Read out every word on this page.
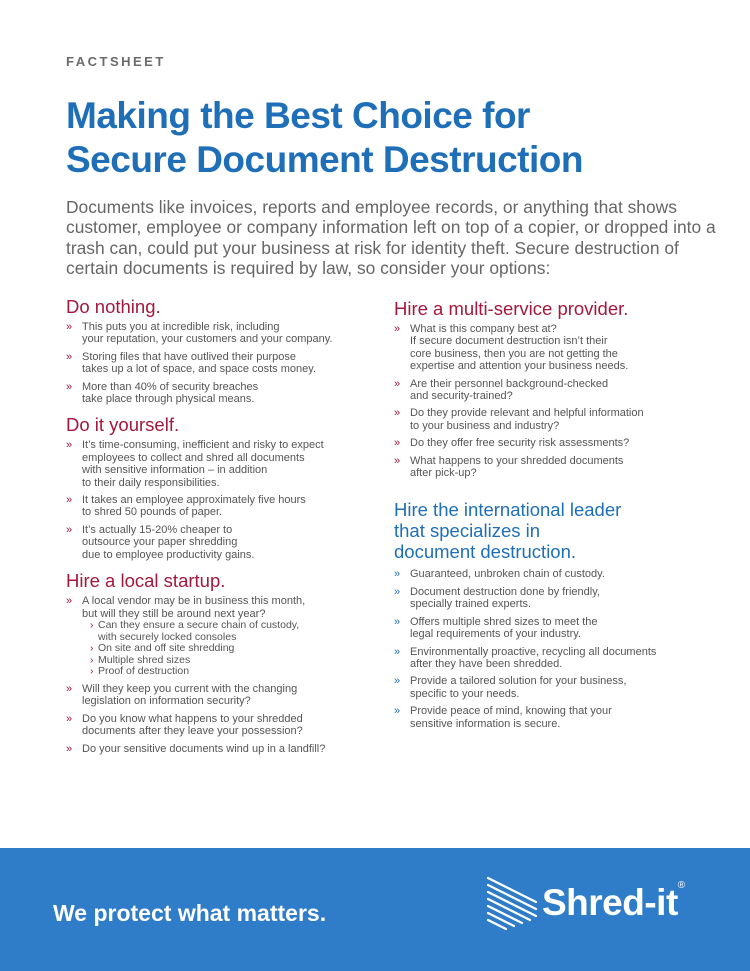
FACTSHEET
Making the Best Choice for
Secure Document Destruction

Documents like invoices, reports and employee records, or anything that shows customer, employee or company information left on top of a copier, or dropped into a trash can, could put your business at risk for identity theft. Secure destruction of certain documents is required by law, so consider your options:

Do nothing.
» This puts you at incredible risk, including
your reputation, your customers and your company.
» Storing files that have outlived their purpose
takes up a lot of space, and space costs money.
» More than 40% of security breaches
take place through physical means.
Do it yourself.
» It’s time-consuming, inefficient and risky to expect
employees to collect and shred all documents
with sensitive information – in addition
to their daily responsibilities.
» It takes an employee approximately five hours
to shred 50 pounds of paper.
» It’s actually 15-20% cheaper to
outsource your paper shredding
due to employee productivity gains.
Hire a local startup.
» A local vendor may be in business this month,
but will they still be around next year?
› Can they ensure a secure chain of custody,
with securely locked consoles
› On site and off site shredding
› Multiple shred sizes
› Proof of destruction
» Will they keep you current with the changing
legislation on information security?
» Do you know what happens to your shredded
documents after they leave your possession?
» Do your sensitive documents wind up in a landfill?
Hire a multi-service provider.
» What is this company best at?
If secure document destruction isn’t their
core business, then you are not getting the
expertise and attention your business needs.
» Are their personnel background-checked
and security-trained?
» Do they provide relevant and helpful information
to your business and industry?
» Do they offer free security risk assessments?
» What happens to your shredded documents
after pick-up?
Hire the international leader
that specializes in
document destruction.
» Guaranteed, unbroken chain of custody.
» Document destruction done by friendly,
specially trained experts.
» Offers multiple shred sizes to meet the
legal requirements of your industry.
» Environmentally proactive, recycling all documents
after they have been shredded.
» Provide a tailored solution for your business,
specific to your needs.
» Provide peace of mind, knowing that your
sensitive information is secure.
We protect what matters.	Shred-it®
